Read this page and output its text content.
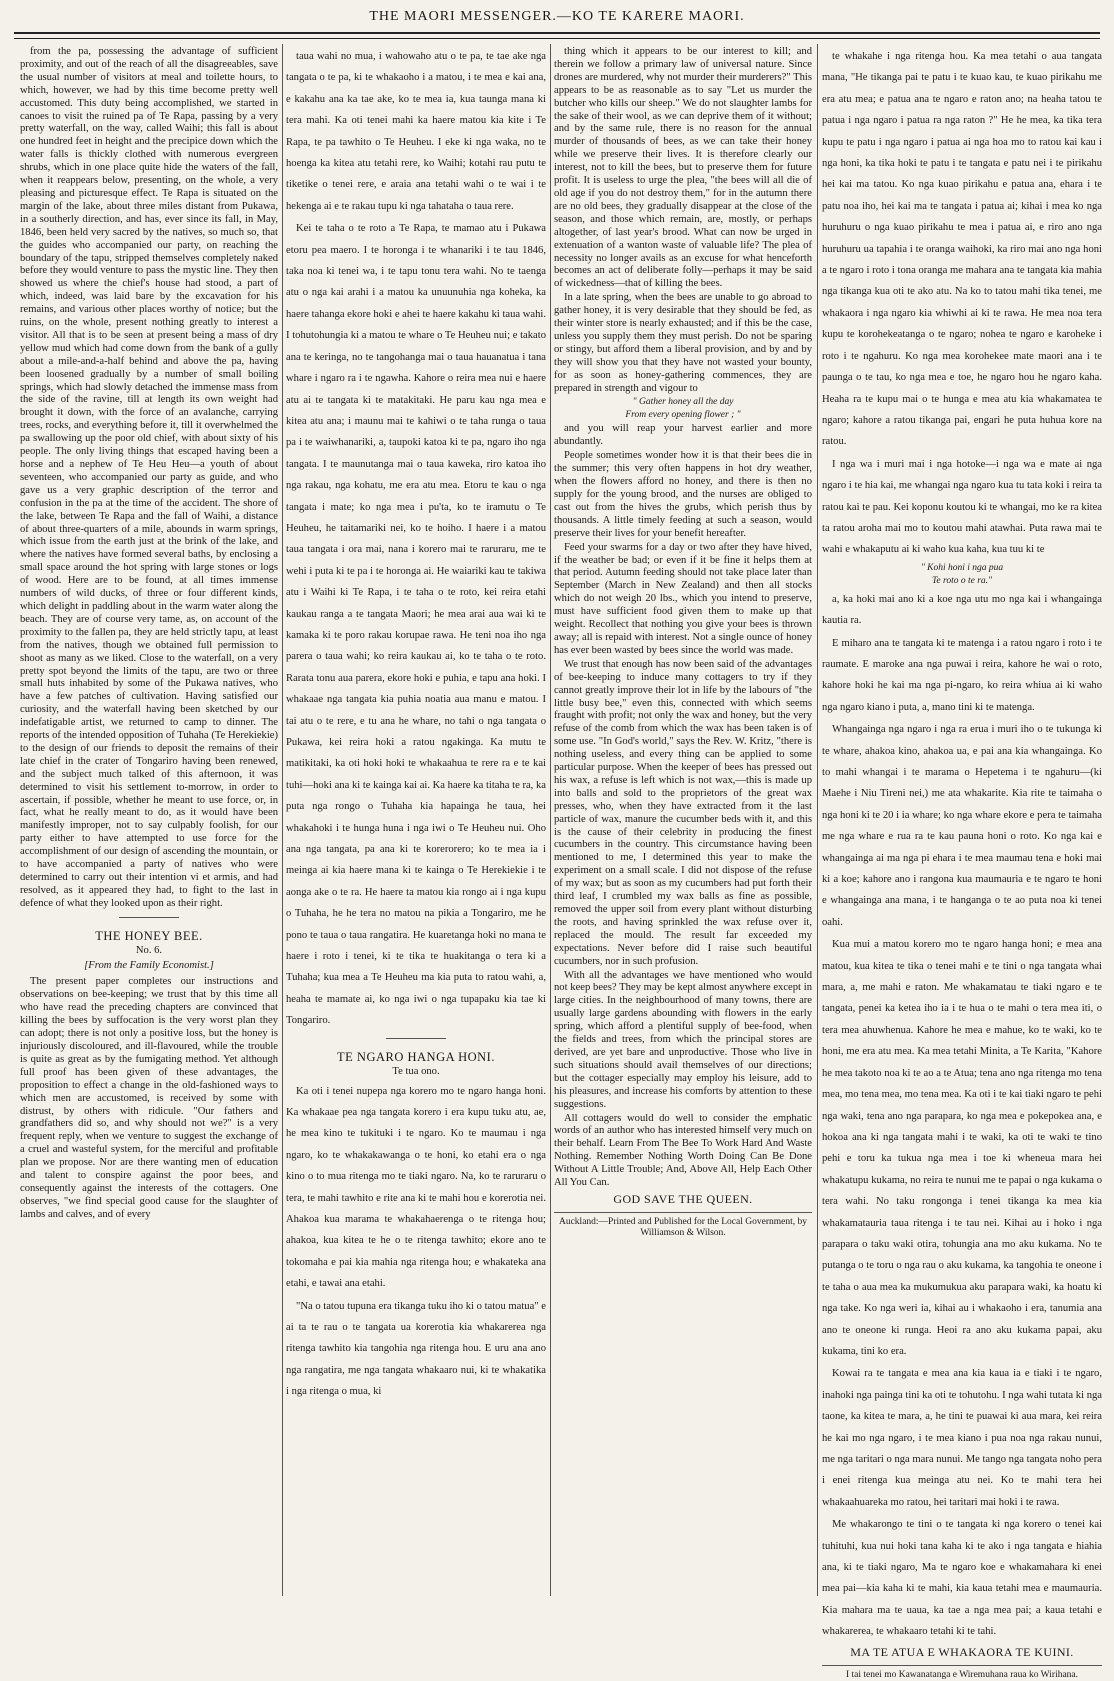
THE MAORI MESSENGER.—KO TE KARERE MAORI.

from the pa, possessing the advantage of sufficient proximity, and out of the reach of all the disagreeables, save the usual number of visitors at meal and toilette hours, to which, however, we had by this time become pretty well accustomed. This duty being accomplished, we started in canoes to visit the ruined pa of Te Rapa, passing by a very pretty waterfall, on the way, called Waihi; this fall is about one hundred feet in height and the precipice down which the water falls is thickly clothed with numerous evergreen shrubs, which in one place quite hide the waters of the fall, when it reappears below, presenting, on the whole, a very pleasing and picturesque effect. Te Rapa is situated on the margin of the lake, about three miles distant from Pukawa, in a southerly direction, and has, ever since its fall, in May, 1846, been held very sacred by the natives, so much so, that the guides who accompanied our party, on reaching the boundary of the tapu, stripped themselves completely naked before they would venture to pass the mystic line. They then showed us where the chief's house had stood, a part of which, indeed, was laid bare by the excavation for his remains, and various other places worthy of notice; but the ruins, on the whole, present nothing greatly to interest a visitor. All that is to be seen at present being a mass of dry yellow mud which had come down from the bank of a gully about a mile-and-a-half behind and above the pa, having been loosened gradually by a number of small boiling springs, which had slowly detached the immense mass from the side of the ravine, till at length its own weight had brought it down, with the force of an avalanche, carrying trees, rocks, and everything before it, till it overwhelmed the pa swallowing up the poor old chief, with about sixty of his people. The only living things that escaped having been a horse and a nephew of Te Heu Heu—a youth of about seventeen, who accompanied our party as guide, and who gave us a very graphic description of the terror and confusion in the pa at the time of the accident. The shore of the lake, between Te Rapa and the fall of Waihi, a distance of about three-quarters of a mile, abounds in warm springs, which issue from the earth just at the brink of the lake, and where the natives have formed several baths, by enclosing a small space around the hot spring with large stones or logs of wood. Here are to be found, at all times immense numbers of wild ducks, of three or four different kinds, which delight in paddling about in the warm water along the beach. They are of course very tame, as, on account of the proximity to the fallen pa, they are held strictly tapu, at least from the natives, though we obtained full permission to shoot as many as we liked. Close to the waterfall, on a very pretty spot beyond the limits of the tapu, are two or three small huts inhabited by some of the Pukawa natives, who have a few patches of cultivation. Having satisfied our curiosity, and the waterfall having been sketched by our indefatigable artist, we returned to camp to dinner. The reports of the intended opposition of Tuhaha (Te Herekiekie) to the design of our friends to deposit the remains of their late chief in the crater of Tongariro having been renewed, and the subject much talked of this afternoon, it was determined to visit his settlement to-morrow, in order to ascertain, if possible, whether he meant to use force, or, in fact, what he really meant to do, as it would have been manifestly improper, not to say culpably foolish, for our party either to have attempted to use force for the accomplishment of our design of ascending the mountain, or to have accompanied a party of natives who were determined to carry out their intention vi et armis, and had resolved, as it appeared they had, to fight to the last in defence of what they looked upon as their right.

THE HONEY BEE.
No. 6.
[From the Family Economist.]

The present paper completes our instructions and observations on bee-keeping; we trust that by this time all who have read the preceding chapters are convinced that killing the bees by suffocation is the very worst plan they can adopt; there is not only a positive loss, but the honey is injuriously discoloured, and ill-flavoured, while the trouble is quite as great as by the fumigating method. Yet although full proof has been given of these advantages, the proposition to effect a change in the old-fashioned ways to which men are accustomed, is received by some with distrust, by others with ridicule. "Our fathers and grandfathers did so, and why should not we?" is a very frequent reply, when we venture to suggest the exchange of a cruel and wasteful system, for the merciful and profitable plan we propose. Nor are there wanting men of education and talent to conspire against the poor bees, and consequently against the interests of the cottagers. One observes, "we find special good cause for the slaughter of lambs and calves, and of every

taua wahi no mua, i wahowaho atu o te pa, te tae ake nga tangata o te pa, ki te whakaoho i a matou, i te mea e kai ana, e kakahu ana ka tae ake, ko te mea ia, kua taunga mana ki tera mahi. Ka oti tenei mahi ka haere matou kia kite i Te Rapa, te pa tawhito o Te Heuheu. I eke ki nga waka, no te hoenga ka kitea atu tetahi rere, ko Waihi; kotahi rau putu te tiketike o tenei rere, e araia ana tetahi wahi o te wai i te hekenga ai e te rakau tupu ki nga tahataha o taua rere.

Kei te taha o te roto a Te Rapa, te mamao atu i Pukawa etoru pea maero. I te horonga i te whanariki i te tau 1846, taka noa ki tenei wa, i te tapu tonu tera wahi. No te taenga atu o nga kai arahi i a matou ka unuunuhia nga koheka, ka haere tahanga ekore hoki e ahei te haere kakahu ki taua wahi. I tohutohungia ki a matou te whare o Te Heuheu nui; e takato ana te keringa, no te tangohanga mai o taua hauanatua i tana whare i ngaro ra i te ngawha. Kahore o reira mea nui e haere atu ai te tangata ki te matakitaki. He paru kau nga mea e kitea atu ana; i maunu mai te kahiwi o te taha runga o taua pa i te waiwhanariki, a, taupoki katoa ki te pa, ngaro iho nga tangata. I te maunutanga mai o taua kaweka, riro katoa iho nga rakau, nga kohatu, me era atu mea. Etoru te kau o nga tangata i mate; ko nga mea i pu'ta, ko te iramutu o Te Heuheu, he taitamariki nei, ko te hoiho. I haere i a matou taua tangata i ora mai, nana i korero mai te raruraru, me te wehi i puta ki te pa i te horonga ai. He waiariki kau te takiwa atu i Waihi ki Te Rapa, i te taha o te roto, kei reira etahi kaukau ranga a te tangata Maori; he mea arai aua wai ki te kamaka ki te poro rakau korupae rawa. He teni noa iho nga parera o taua wahi; ko reira kaukau ai, ko te taha o te roto. Rarata tonu aua parera, ekore hoki e puhia, e tapu ana hoki. I whakaae nga tangata kia puhia noatia aua manu e matou. I tai atu o te rere, e tu ana he whare, no tahi o nga tangata o Pukawa, kei reira hoki a ratou ngakinga. Ka mutu te matikitaki, ka oti hoki hoki te whakaahua te rere ra e te kai tuhi—hoki ana ki te kainga kai ai. Ka haere ka titaha te ra, ka puta nga rongo o Tuhaha kia hapainga he taua, hei whakahoki i te hunga huna i nga iwi o Te Heuheu nui. Oho ana nga tangata, pa ana ki te korerorero; ko te mea ia i meinga ai kia haere mana ki te kainga o Te Herekiekie i te aonga ake o te ra. He haere ta matou kia rongo ai i nga kupu o Tuhaha, he he tera no matou na pikia a Tongariro, me he pono te taua o taua rangatira. He kuaretanga hoki no mana te haere i roto i tenei, ki te tika te huakitanga o tera ki a Tuhaha; kua mea a Te Heuheu ma kia puta to ratou wahi, a, heaha te mamate ai, ko nga iwi o nga tupapaku kia tae ki Tongariro.

TE NGARO HANGA HONI.
Te tua ono.

Ka oti i tenei nupepa nga korero mo te ngaro hanga honi. Ka whakaae pea nga tangata korero i era kupu tuku atu, ae, he mea kino te tukituki i te ngaro. Ko te maumau i nga ngaro, ko te whakakawanga o te honi, ko etahi era o nga kino o to mua ritenga mo te tiaki ngaro. Na, ko te raruraru o tera, te mahi tawhito e rite ana ki te mahi hou e korerotia nei. Ahakoa kua marama te whakahaerenga o te ritenga hou; ahakoa, kua kitea te he o te ritenga tawhito; ekore ano te tokomaha e pai kia mahia nga ritenga hou; e whakateka ana etahi, e tawai ana etahi.

"Na o tatou tupuna era tikanga tuku iho ki o tatou matua" e ai ta te rau o te tangata ua korerotia kia whakarerea nga ritenga tawhito kia tangohia nga ritenga hou. E uru ana ano nga rangatira, me nga tangata whakaaro nui, ki te whakatika i nga ritenga o mua, ki

thing which it appears to be our interest to kill; and therein we follow a primary law of universal nature. Since drones are murdered, why not murder their murderers?" This appears to be as reasonable as to say "Let us murder the butcher who kills our sheep." We do not slaughter lambs for the sake of their wool, as we can deprive them of it without; and by the same rule, there is no reason for the annual murder of thousands of bees, as we can take their honey while we preserve their lives. It is therefore clearly our interest, not to kill the bees, but to preserve them for future profit. It is useless to urge the plea, "the bees will all die of old age if you do not destroy them," for in the autumn there are no old bees, they gradually disappear at the close of the season, and those which remain, are, mostly, or perhaps altogether, of last year's brood. What can now be urged in extenuation of a wanton waste of valuable life? The plea of necessity no longer avails as an excuse for what henceforth becomes an act of deliberate folly—perhaps it may be said of wickedness—that of killing the bees.

In a late spring, when the bees are unable to go abroad to gather honey, it is very desirable that they should be fed, as their winter store is nearly exhausted; and if this be the case, unless you supply them they must perish. Do not be sparing or stingy, but afford them a liberal provision, and by and by they will show you that they have not wasted your bounty, for as soon as honey-gathering commences, they are prepared in strength and vigour to

" Gather honey all the day
From every opening flower ; "

and you will reap your harvest earlier and more abundantly.

People sometimes wonder how it is that their bees die in the summer; this very often happens in hot dry weather, when the flowers afford no honey, and there is then no supply for the young brood, and the nurses are obliged to cast out from the hives the grubs, which perish thus by thousands. A little timely feeding at such a season, would preserve their lives for your benefit hereafter.

Feed your swarms for a day or two after they have hived, if the weather be bad; or even if it be fine it helps them at that period. Autumn feeding should not take place later than September (March in New Zealand) and then all stocks which do not weigh 20 lbs., which you intend to preserve, must have sufficient food given them to make up that weight. Recollect that nothing you give your bees is thrown away; all is repaid with interest. Not a single ounce of honey has ever been wasted by bees since the world was made.

We trust that enough has now been said of the advantages of bee-keeping to induce many cottagers to try if they cannot greatly improve their lot in life by the labours of "the little busy bee," even this, connected with which seems fraught with profit; not only the wax and honey, but the very refuse of the comb from which the wax has been taken is of some use. "In God's world," says the Rev. W. Kritz, "there is nothing useless, and every thing can be applied to some particular purpose. When the keeper of bees has pressed out his wax, a refuse is left which is not wax,—this is made up into balls and sold to the proprietors of the great wax presses, who, when they have extracted from it the last particle of wax, manure the cucumber beds with it, and this is the cause of their celebrity in producing the finest cucumbers in the country. This circumstance having been mentioned to me, I determined this year to make the experiment on a small scale. I did not dispose of the refuse of my wax; but as soon as my cucumbers had put forth their third leaf, I crumbled my wax balls as fine as possible, removed the upper soil from every plant without disturbing the roots, and having sprinkled the wax refuse over it, replaced the mould. The result far exceeded my expectations. Never before did I raise such beautiful cucumbers, nor in such profusion.

With all the advantages we have mentioned who would not keep bees? They may be kept almost anywhere except in large cities. In the neighbourhood of many towns, there are usually large gardens abounding with flowers in the early spring, which afford a plentiful supply of bee-food, when the fields and trees, from which the principal stores are derived, are yet bare and unproductive. Those who live in such situations should avail themselves of our directions; but the cottager especially may employ his leisure, add to his pleasures, and increase his comforts by attention to these suggestions.

All cottagers would do well to consider the emphatic words of an author who has interested himself very much on their behalf. Learn From The Bee To Work Hard And Waste Nothing. Remember Nothing Worth Doing Can Be Done Without A Little Trouble; And, Above All, Help Each Other All You Can.

GOD SAVE THE QUEEN.
Auckland:—Printed and Published for the Local Government, by Williamson & Wilson.

te whakahe i nga ritenga hou. Ka mea tetahi o aua tangata mana, "He tikanga pai te patu i te kuao kau, te kuao pirikahu me era atu mea; e patua ana te ngaro e raton ano; na heaha tatou te patua i nga ngaro i patua ra nga raton ?" He he mea, ka tika tera kupu te patu i nga ngaro i patua ai nga hoa mo to ratou kai kau i nga honi, ka tika hoki te patu i te tangata e patu nei i te pirikahu hei kai ma tatou. Ko nga kuao pirikahu e patua ana, ehara i te patu noa iho, hei kai ma te tangata i patua ai; kihai i mea ko nga huruhuru o nga kuao pirikahu te mea i patua ai, e riro ano nga huruhuru ua tapahia i te oranga waihoki, ka riro mai ano nga honi a te ngaro i roto i tona oranga me mahara ana te tangata kia mahia nga tikanga kua oti te ako atu. Na ko to tatou mahi tika tenei, me whakaora i nga ngaro kia whiwhi ai ki te rawa. He mea noa tera kupu te korohekeatanga o te ngaro; nohea te ngaro e karoheke i roto i te ngahuru. Ko nga mea korohekee mate maori ana i te paunga o te tau, ko nga mea e toe, he ngaro hou he ngaro kaha. Heaha ra te kupu mai o te hunga e mea atu kia whakamatea te ngaro; kahore a ratou tikanga pai, engari he puta huhua kore na ratou.

I nga wa i muri mai i nga hotoke—i nga wa e mate ai nga ngaro i te hia kai, me whangai nga ngaro kua tu tata koki i reira ta ratou kai te pau. Kei koponu koutou ki te whangai, mo ke ra kitea ta ratou aroha mai mo to koutou mahi atawhai. Puta rawa mai te wahi e whakaputu ai ki waho kua kaha, kua tuu ki te

" Kohi honi i nga pua
Te roto o te ra."

a, ka hoki mai ano ki a koe nga utu mo nga kai i whangainga kautia ra.

E miharo ana te tangata ki te matenga i a ratou ngaro i roto i te raumate. E maroke ana nga puwai i reira, kahore he wai o roto, kahore hoki he kai ma nga pi-ngaro, ko reira whiua ai ki waho nga ngaro kiano i puta, a, mano tini ki te matenga.

Whangainga nga ngaro i nga ra erua i muri iho o te tukunga ki te whare, ahakoa kino, ahakoa ua, e pai ana kia whangainga. Ko to mahi whangai i te marama o Hepetema i te ngahuru—(ki Maehe i Niu Tireni nei,) me ata whakarite. Kia rite te taimaha o nga honi ki te 20 i ia whare; ko nga whare ekore e pera te taimaha me nga whare e rua ra te kau pauna honi o roto. Ko nga kai e whangainga ai ma nga pi ehara i te mea maumau tena e hoki mai ki a koe; kahore ano i rangona kua maumauria e te ngaro te honi e whangainga ana mana, i te hanganga o te ao puta noa ki tenei oahi.

Kua mui a matou korero mo te ngaro hanga honi; e mea ana matou, kua kitea te tika o tenei mahi e te tini o nga tangata whai mara, a, me mahi e raton. Me whakamatau te tiaki ngaro e te tangata, penei ka ketea iho ia i te hua o te mahi o tera mea iti, o tera mea ahuwhenua. Kahore he mea e mahue, ko te waki, ko te honi, me era atu mea. Ka mea tetahi Minita, a Te Karita, "Kahore he mea takoto noa ki te ao a te Atua; tena ano nga ritenga mo tena mea, mo tena mea, mo tena mea. Ka oti i te kai tiaki ngaro te pehi nga waki, tena ano nga parapara, ko nga mea e pokepokea ana, e hokoa ana ki nga tangata mahi i te waki, ka oti te waki te tino pehi e toru ka tukua nga mea i toe ki wheneua mara hei whakatupu kukama, no reira te nunui me te papai o nga kukama o tera wahi. No taku rongonga i tenei tikanga ka mea kia whakamatauria taua ritenga i te tau nei. Kihai au i hoko i nga parapara o taku waki otira, tohungia ana mo aku kukama. No te putanga o te toru o nga rau o aku kukama, ka tangohia te oneone i te taha o aua mea ka mukumukua aku parapara waki, ka hoatu ki nga take. Ko nga weri ia, kihai au i whakaoho i era, tanumia ana ano te oneone ki runga. Heoi ra ano aku kukama papai, aku kukama, tini ko era.

Kowai ra te tangata e mea ana kia kaua ia e tiaki i te ngaro, inahoki nga painga tini ka oti te tohutohu. I nga wahi tutata ki nga taone, ka kitea te mara, a, he tini te puawai ki aua mara, kei reira he kai mo nga ngaro, i te mea kiano i pua noa nga rakau nunui, me nga taritari o nga mara nunui. Me tango nga tangata noho pera i enei ritenga kua meinga atu nei. Ko te mahi tera hei whakaahuareka mo ratou, hei taritari mai hoki i te rawa.

Me whakarongo te tini o te tangata ki nga korero o tenei kai tuhituhi, kua nui hoki tana kaha ki te ako i nga tangata e hiahia ana, ki te tiaki ngaro, Ma te ngaro koe e whakamahara ki enei mea pai—kia kaha ki te mahi, kia kaua tetahi mea e maumauria. Kia mahara ma te uaua, ka tae a nga mea pai; a kaua tetahi e whakarerea, te whakaaro tetahi ki te tahi.

MA TE ATUA E WHAKAORA TE KUINI.
I tai tenei mo Kawanatanga e Wiremuhana raua ko Wirihana.
